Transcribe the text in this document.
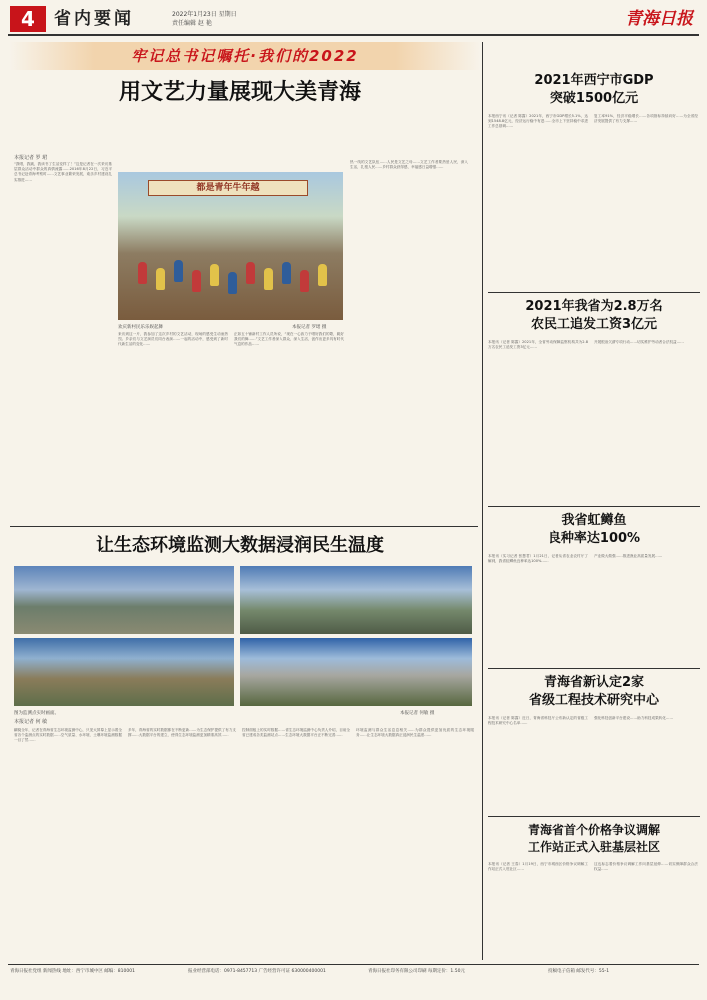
4	省内要闻	2022年1月23日 星期日
责任编辑 赵 艳	青海日报
牢记总书记嘱托·我们的2022
用文艺力量展现大美青海
本报记者 罗 珺
“我唱，我跳，我读书了生活变样了！”这是记者在一次采访基层群众活动中群众的真情流露……2016年8月22日，习近平总书记赴青海考察时……文艺事业繁荣发展，欢乐乡村建设扎实推进……
都是青年牛年越
欢庆新村民乐乐娱起舞	本报记者 罗珺 摄
来访到这一片，我参加了这次乡村的文艺活动，现场的感受生动而热烈。乡亲们与文艺演员们同台表演……一起的活动中，感受到了新时代新生活的变化……
正如五十铺新村工作人员所说，“现在一心致力于唱好我们的歌，跳好我们的舞……”文艺工作者深入群众，深入生活，创作出更多具有时代气息的作品……
热一线的文艺队伍……人民是文艺之母……文艺工作者要热爱人民，深入生活，扎根人民……乡村群众获得感、幸福感日益增强……
让生态环境监测大数据浸润民生温度
图为监测点实时画面。	本报记者 何敏 摄
本报记者 何 敏
翻阅全年，记者在青海省生态环境监测中心，只见大屏幕上显示着全省各个监测点的实时数据……空气质量、水环境、土壤环境监测数据一目了然……
多年，青海省的实时数据都在不断更新……为生态保护提供了有力支撑……大数据平台的建立，使得生态环境监测更加精准高效……
控制面板上的实时数据……省生态环境监测中心负责人介绍，目前全省已建成各类监测站点……生态环境大数据平台正不断完善……
环境监测与群众生活息息相关……为群众提供更加优质的生态环境服务……让生态环境大数据真正浸润民生温度……
2021年西宁市GDP
突破1500亿元
本报西宁讯（记者 陈露）2021年，西宁市GDP增长5.1%，达到1548.8亿元，经济运行稳中有进……全市上下坚持稳中求进工作总基调……
复工率91%，经济平稳增长……各项指标持续向好……为全省经济发展提供了有力支撑……
2021年我省为2.8万名
农民工追发工资3亿元
本报讯（记者 陈露）2021年，全省劳动保障监察机构共为2.8万名农民工追发工资3亿元……
开展根治欠薪专项行动……切实维护劳动者合法权益……
我省虹鳟鱼
良种率达100%
本报讯（实习记者 张慧君）1月21日，记者从省农业农村厅了解到，我省虹鳟鱼良种率达100%……
产业做大做强……推进渔业高质量发展……
青海省新认定2家
省级工程技术研究中心
本报讯（记者 陈露）近日，青海省科技厅公布新认定的省级工程技术研究中心名单……
强化科技创新平台建设……助力科技成果转化……
青海省首个价格争议调解
工作站正式入驻基层社区
本报讯（记者 王春）1月19日，西宁市城西区价格争议调解工作站正式入驻社区……
这也标志着价格争议调解工作向基层延伸……切实保障群众合法权益……
青海日报社党组 新闻热线 地址：西宁市城中区 邮编：810001	报业经营部电话：0971-8457713 广告经营许可证 630000400001	青海日报社印务有限公司印刷 每期定价：1.50元	投稿电子信箱 邮发代号：55-1
